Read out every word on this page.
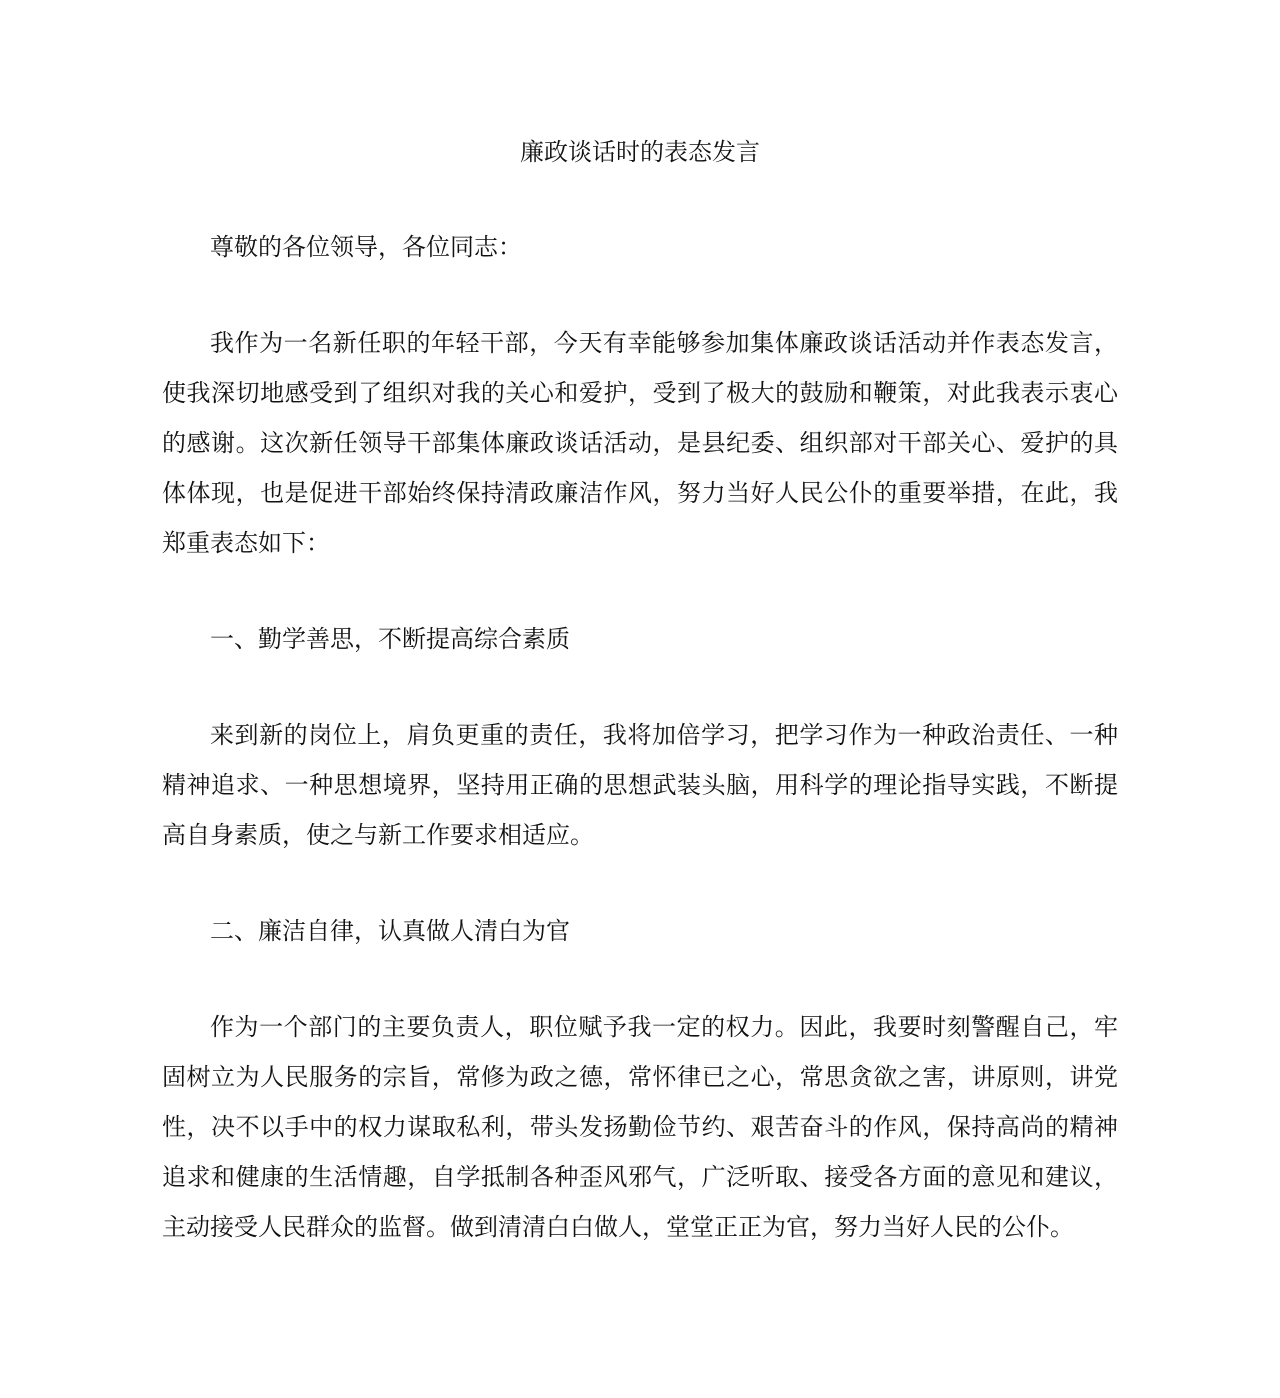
廉政谈话时的表态发言

尊敬的各位领导，各位同志：

我作为一名新任职的年轻干部，今天有幸能够参加集体廉政谈话活动并作表态发言，使我深切地感受到了组织对我的关心和爱护，受到了极大的鼓励和鞭策，对此我表示衷心的感谢。这次新任领导干部集体廉政谈话活动，是县纪委、组织部对干部关心、爱护的具体体现，也是促进干部始终保持清政廉洁作风，努力当好人民公仆的重要举措，在此，我郑重表态如下：

一、勤学善思，不断提高综合素质

来到新的岗位上，肩负更重的责任，我将加倍学习，把学习作为一种政治责任、一种精神追求、一种思想境界，坚持用正确的思想武装头脑，用科学的理论指导实践，不断提高自身素质，使之与新工作要求相适应。

二、廉洁自律，认真做人清白为官

作为一个部门的主要负责人，职位赋予我一定的权力。因此，我要时刻警醒自己，牢固树立为人民服务的宗旨，常修为政之德，常怀律已之心，常思贪欲之害，讲原则，讲党性，决不以手中的权力谋取私利，带头发扬勤俭节约、艰苦奋斗的作风，保持高尚的精神追求和健康的生活情趣，自学抵制各种歪风邪气，广泛听取、接受各方面的意见和建议，主动接受人民群众的监督。做到清清白白做人，堂堂正正为官，努力当好人民的公仆。
